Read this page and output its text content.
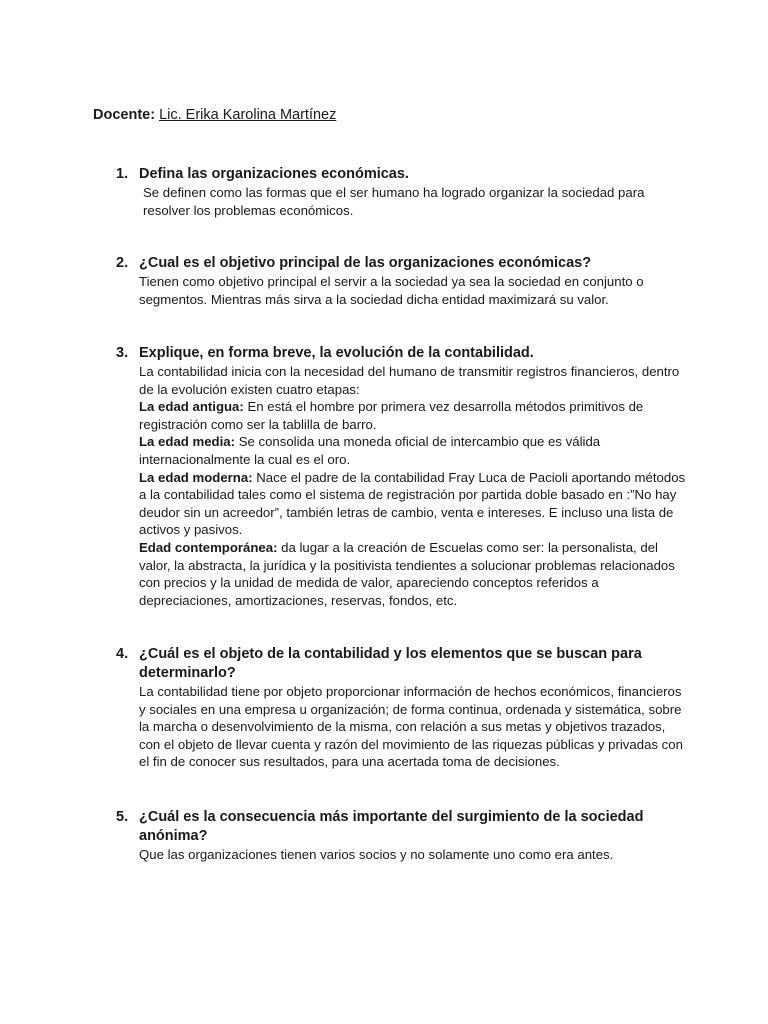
Docente: Lic. Erika Karolina Martínez
1. Defina las organizaciones económicas.
Se definen como las formas que el ser humano ha logrado organizar la sociedad para resolver los problemas económicos.
2. ¿Cual es el objetivo principal de las organizaciones económicas?
Tienen como objetivo principal el servir a la sociedad ya sea la sociedad en conjunto o segmentos. Mientras más sirva a la sociedad dicha entidad maximizará su valor.
3. Explique, en forma breve, la evolución de la contabilidad.

La contabilidad inicia con la necesidad del humano de transmitir registros financieros, dentro de la evolución existen cuatro etapas:

La edad antigua: En está el hombre por primera vez desarrolla métodos primitivos de registración como ser la tablilla de barro.

La edad media: Se consolida una moneda oficial de intercambio que es válida internacionalmente la cual es el oro.

La edad moderna: Nace el padre de la contabilidad Fray Luca de Pacioli aportando métodos a la contabilidad tales como el sistema de registración por partida doble basado en :”No hay deudor sin un acreedor”, también letras de cambio, venta e intereses. E incluso una lista de activos y pasivos.

Edad contemporánea: da lugar a la creación de Escuelas como ser: la personalista, del valor, la abstracta, la jurídica y la positivista tendientes a solucionar problemas relacionados con precios y la unidad de medida de valor, apareciendo conceptos referidos a depreciaciones, amortizaciones, reservas, fondos, etc.

4. ¿Cuál es el objeto de la contabilidad y los elementos que se buscan para determinarlo?
La contabilidad tiene por objeto proporcionar información de hechos económicos, financieros y sociales en una empresa u organización; de forma continua, ordenada y sistemática, sobre la marcha o desenvolvimiento de la misma, con relación a sus metas y objetivos trazados, con el objeto de llevar cuenta y razón del movimiento de las riquezas públicas y privadas con el fin de conocer sus resultados, para una acertada toma de decisiones.
5. ¿Cuál es la consecuencia más importante del surgimiento de la sociedad anónima?
Que las organizaciones tienen varios socios y no solamente uno como era antes.
